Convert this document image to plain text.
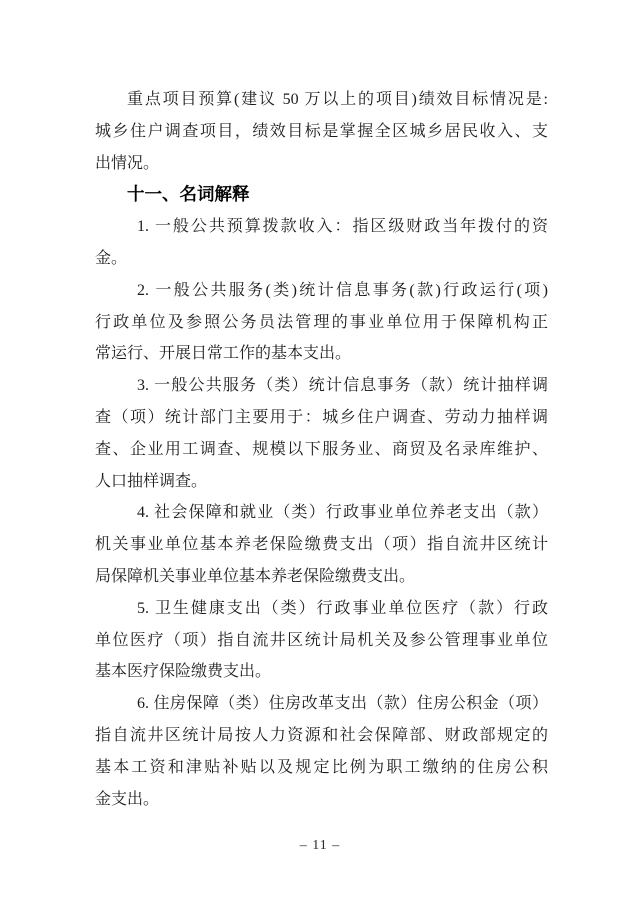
重点项目预算(建议 50 万以上的项目)绩效目标情况是:

城乡住户调查项目，绩效目标是掌握全区城乡居民收入、支

出情况。

十一、名词解释

1. 一般公共预算拨款收入：指区级财政当年拨付的资

金。

2. 一般公共服务(类)统计信息事务(款)行政运行(项)

行政单位及参照公务员法管理的事业单位用于保障机构正

常运行、开展日常工作的基本支出。

3. 一般公共服务（类）统计信息事务（款）统计抽样调

查（项）统计部门主要用于：城乡住户调查、劳动力抽样调

查、企业用工调查、规模以下服务业、商贸及名录库维护、

人口抽样调查。

4. 社会保障和就业（类）行政事业单位养老支出（款）

机关事业单位基本养老保险缴费支出（项）指自流井区统计

局保障机关事业单位基本养老保险缴费支出。

5. 卫生健康支出（类）行政事业单位医疗（款）行政

单位医疗（项）指自流井区统计局机关及参公管理事业单位

基本医疗保险缴费支出。

6. 住房保障（类）住房改革支出（款）住房公积金（项）

指自流井区统计局按人力资源和社会保障部、财政部规定的

基本工资和津贴补贴以及规定比例为职工缴纳的住房公积

金支出。

– 11 –
